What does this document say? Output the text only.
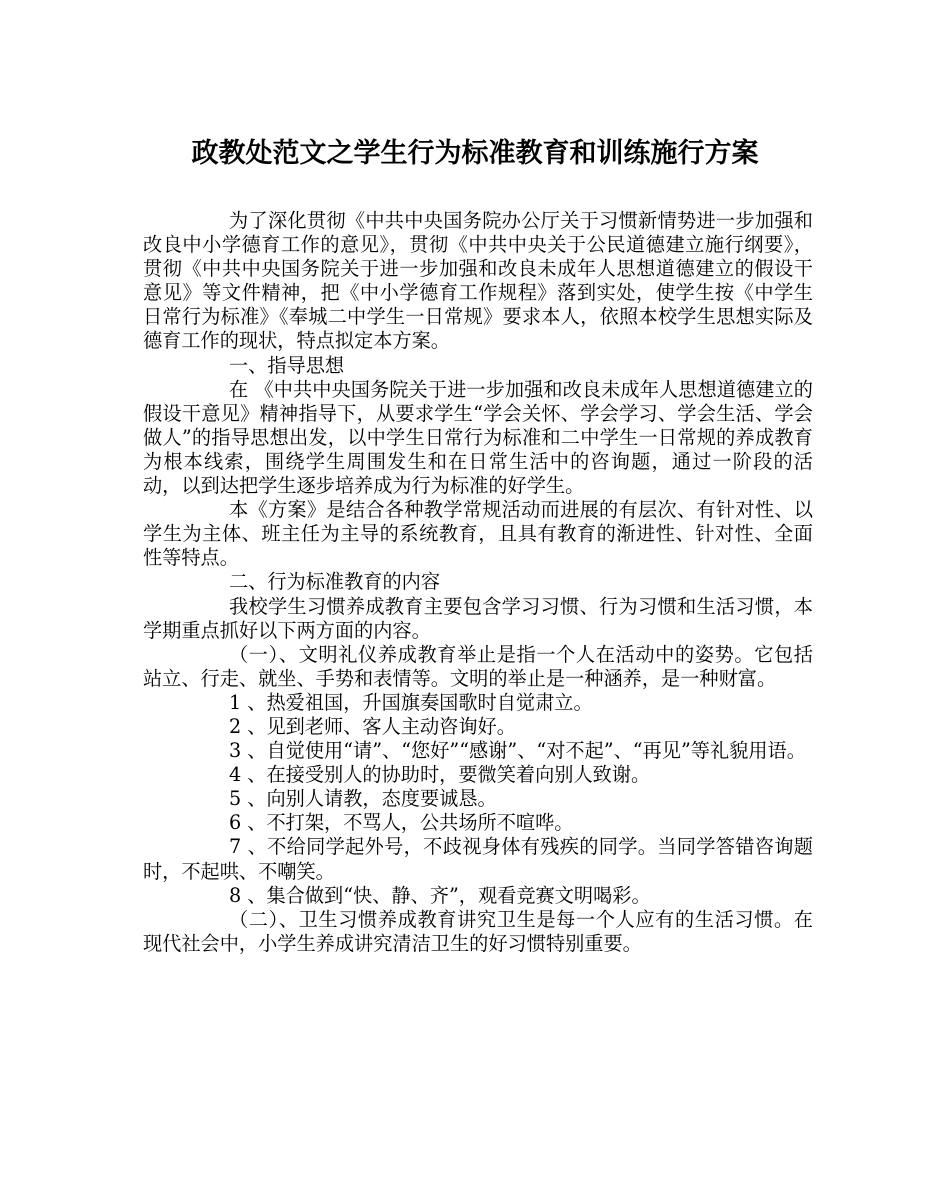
政教处范文之学生行为标准教育和训练施行方案

为了深化贯彻《中共中央国务院办公厅关于习惯新情势进一步加强和改良中小学德育工作的意见》，贯彻《中共中央关于公民道德建立施行纲要》，贯彻《中共中央国务院关于进一步加强和改良未成年人思想道德建立的假设干意见》等文件精神，把《中小学德育工作规程》落到实处，使学生按《中学生日常行为标准》《奉城二中学生一日常规》要求本人，依照本校学生思想实际及德育工作的现状，特点拟定本方案。

一、指导思想

在 《中共中央国务院关于进一步加强和改良未成年人思想道德建立的假设干意见》精神指导下，从要求学生“学会关怀、学会学习、学会生活、学会做人”的指导思想出发，以中学生日常行为标准和二中学生一日常规的养成教育为根本线索，围绕学生周围发生和在日常生活中的咨询题，通过一阶段的活动，以到达把学生逐步培养成为行为标准的好学生。

本《方案》是结合各种教学常规活动而进展的有层次、有针对性、以学生为主体、班主任为主导的系统教育，且具有教育的渐进性、针对性、全面性等特点。

二、行为标准教育的内容

我校学生习惯养成教育主要包含学习习惯、行为习惯和生活习惯，本学期重点抓好以下两方面的内容。

（一）、文明礼仪养成教育举止是指一个人在活动中的姿势。它包括站立、行走、就坐、手势和表情等。文明的举止是一种涵养，是一种财富。

1 、热爱祖国，升国旗奏国歌时自觉肃立。

2 、见到老师、客人主动咨询好。

3 、自觉使用“请”、“您好”“感谢”、“对不起”、“再见”等礼貌用语。

4 、在接受别人的协助时，要微笑着向别人致谢。

5 、向别人请教，态度要诚恳。

6 、不打架，不骂人，公共场所不喧哗。

7 、不给同学起外号，不歧视身体有残疾的同学。当同学答错咨询题时，不起哄、不嘲笑。

8 、集合做到“快、静、齐”，观看竞赛文明喝彩。

（二）、卫生习惯养成教育讲究卫生是每一个人应有的生活习惯。在现代社会中，小学生养成讲究清洁卫生的好习惯特别重要。
